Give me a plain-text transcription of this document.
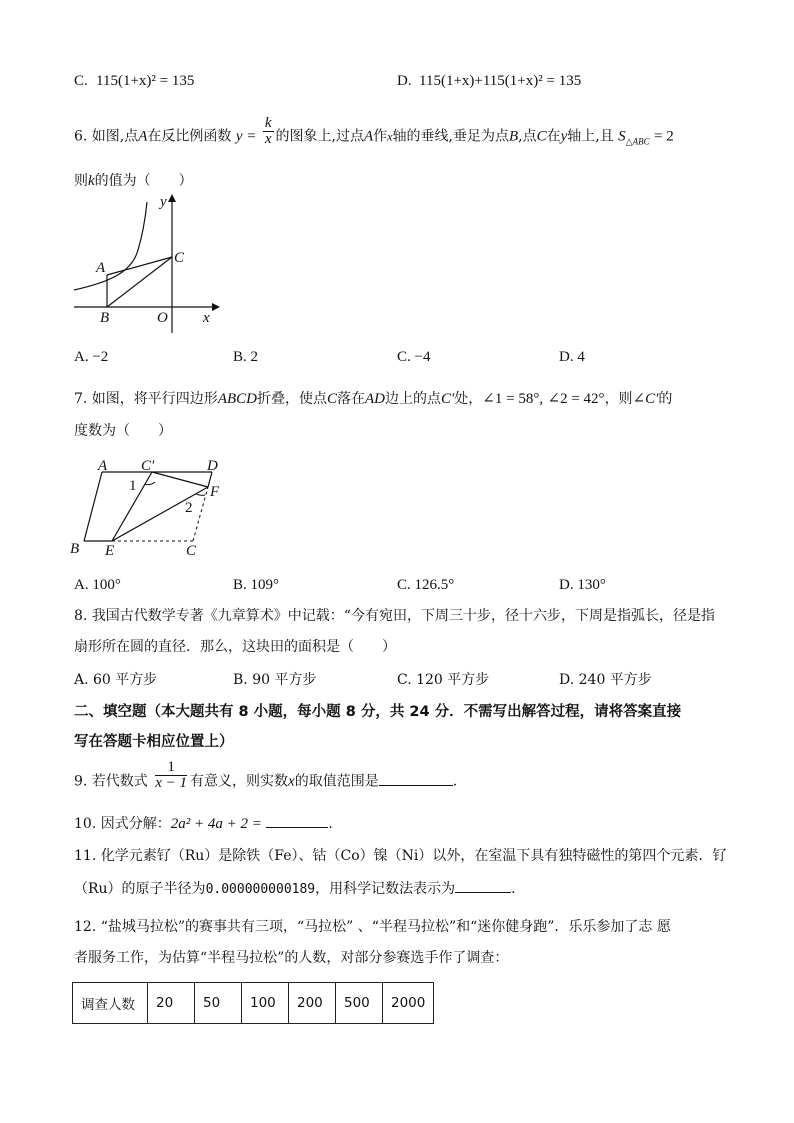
C. 115(1+x)² = 135	D. 115(1+x)+115(1+x)² = 135
6. 如图,点A在反比例函数 $y = \frac{k}{x}$ 的图象上,过点A作x轴的垂线,垂足为点B,点C在y轴上,且 $S_{\triangle ABC} = 2$
则k的值为（　　）
y
x
A
B	O
C
A. −2	B. 2	C. −4	D. 4
7. 如图，将平行四边形ABCD折叠，使点C落在AD边上的点C′处，∠1 = 58°, ∠2 = 42°，则∠C′的
度数为（　　）
A C′	D
F
B E	C
1
2
A. 100°	B. 109°	C. 126.5°	D. 130°
8. 我国古代数学专著《九章算术》中记载：“今有宛田，下周三十步，径十六步，下周是指弧长，径是指
扇形所在圆的直径．那么，这块田的面积是（　　）
A. 60 平方步	B. 90 平方步	C. 120 平方步	D. 240 平方步
二、填空题（本大题共有 8 小题，每小题 8 分，共 24 分．不需写出解答过程，请将答案直接
写在答题卡相应位置上）
9. 若代数式 $\frac{1}{x - 1}$ 有意义，则实数x的取值范围是	.
10. 因式分解：2a² + 4a + 2 =	.
11. 化学元素钌（Ru）是除铁（Fe）、钴（Co）镍（Ni）以外，在室温下具有独特磁性的第四个元素．钌
（Ru）的原子半径为0.000000000189，用科学记数法表示为	.
12. “盐城马拉松”的赛事共有三项，“马拉松” 、“半程马拉松”和“迷你健身跑”．乐乐参加了志 愿
者服务工作，为估算“半程马拉松”的人数，对部分参赛选手作了调查：
调查人数	20	50	100	200	500	2000
